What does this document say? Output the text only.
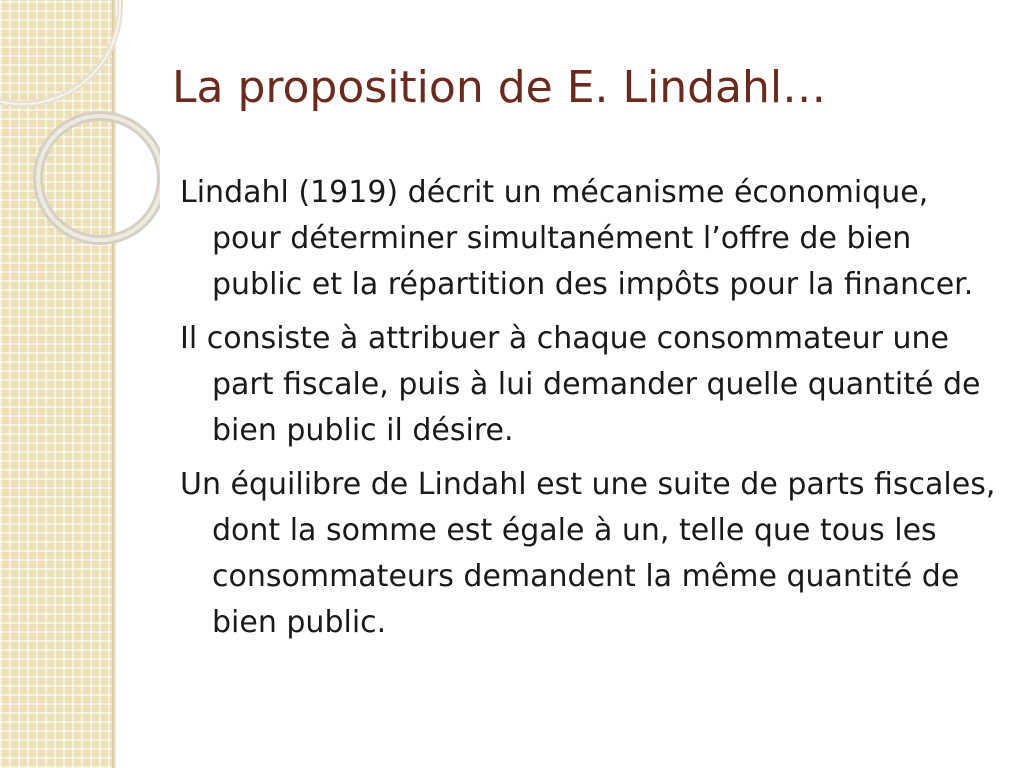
La proposition de E. Lindahl…
Lindahl (1919) décrit un mécanisme économique, pour déterminer simultanément l’offre de bien public et la répartition des impôts pour la financer.
Il consiste à attribuer à chaque consommateur une part fiscale, puis à lui demander quelle quantité de bien public il désire.
Un équilibre de Lindahl est une suite de parts fiscales, dont la somme est égale à un, telle que tous les consommateurs demandent la même quantité de bien public.
